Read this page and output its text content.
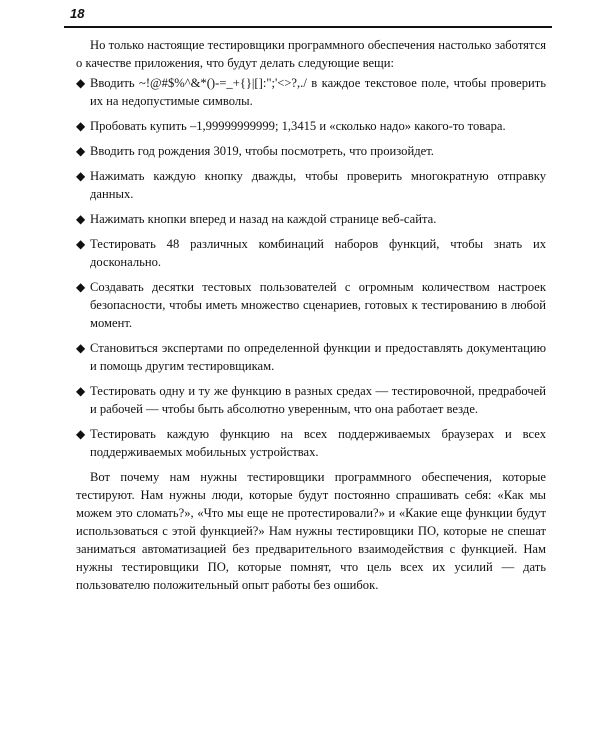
18

Но только настоящие тестировщики программного обеспечения настолько заботятся о качестве приложения, что будут делать следующие вещи:

◆ Вводить ~!@#$%^&*()-=_+{}|[]:";'<>?,./ в каждое текстовое поле, чтобы проверить их на недопустимые символы.
◆ Пробовать купить –1,99999999999; 1,3415 и «сколько надо» какого-то товара.
◆ Вводить год рождения 3019, чтобы посмотреть, что произойдет.
◆ Нажимать каждую кнопку дважды, чтобы проверить многократную отправку данных.
◆ Нажимать кнопки вперед и назад на каждой странице веб-сайта.
◆ Тестировать 48 различных комбинаций наборов функций, чтобы знать их досконально.
◆ Создавать десятки тестовых пользователей с огромным количеством настроек безопасности, чтобы иметь множество сценариев, готовых к тестированию в любой момент.
◆ Становиться экспертами по определенной функции и предоставлять документацию и помощь другим тестировщикам.
◆ Тестировать одну и ту же функцию в разных средах — тестировочной, предрабочей и рабочей — чтобы быть абсолютно уверенным, что она работает везде.
◆ Тестировать каждую функцию на всех поддерживаемых браузерах и всех поддерживаемых мобильных устройствах.

Вот почему нам нужны тестировщики программного обеспечения, которые тестируют. Нам нужны люди, которые будут постоянно спрашивать себя: «Как мы можем это сломать?», «Что мы еще не протестировали?» и «Какие еще функции будут использоваться с этой функцией?» Нам нужны тестировщики ПО, которые не спешат заниматься автоматизацией без предварительного взаимодействия с функцией. Нам нужны тестировщики ПО, которые помнят, что цель всех их усилий — дать пользователю положительный опыт работы без ошибок.
